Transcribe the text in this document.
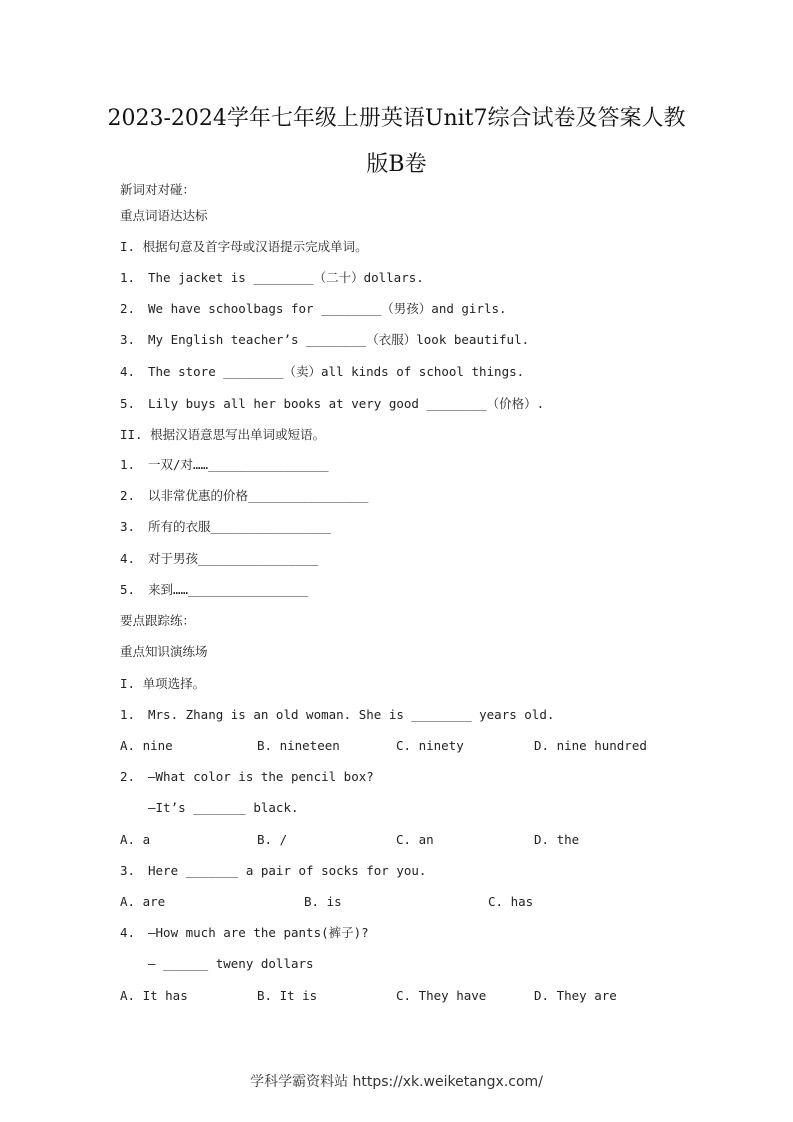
2023-2024学年七年级上册英语Unit7综合试卷及答案人教
版B卷
新词对对碰：
重点词语达达标
I. 根据句意及首字母或汉语提示完成单词。
1. The jacket is ________（二十）dollars.
2. We have schoolbags for ________（男孩）and girls.
3. My English teacher’s ________（衣服）look beautiful.
4. The store ________（卖）all kinds of school things.
5. Lily buys all her books at very good ________（价格）.
II. 根据汉语意思写出单词或短语。
1. 一双/对……________________
2. 以非常优惠的价格________________
3. 所有的衣服________________
4. 对于男孩________________
5. 来到……________________
要点跟踪练：
重点知识演练场
I. 单项选择。
1. Mrs. Zhang is an old woman. She is ________ years old.
A. nine	B. nineteen	C. ninety	D. nine hundred
2. —What color is the pencil box?
—It’s _______ black.
A. a	B. /	C. an	D. the
3. Here _______ a pair of socks for you.
A. are	B. is	C. has
4. —How much are the pants(裤子)?
— ______ tweny dollars
A. It has	B. It is	C. They have	D. They are
学科学霸资料站 https://xk.weiketangx.com/
